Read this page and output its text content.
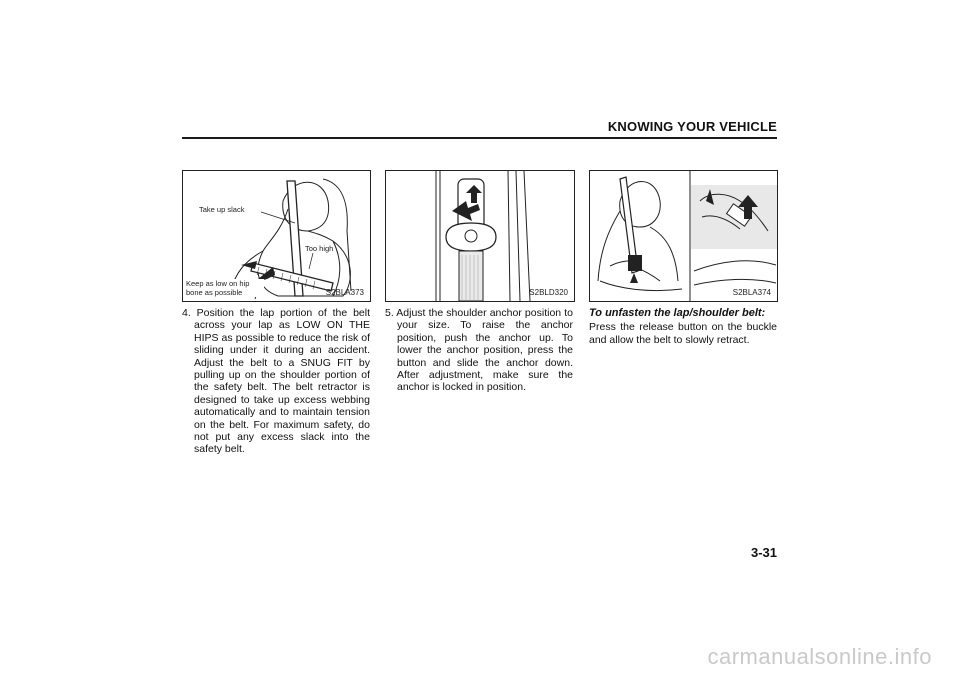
KNOWING YOUR VEHICLE
Take up slack
Too high
Keep as low on hip bone as possible	S2BLA373	S2BLD320	S2BLA374

4. Position the lap portion of the belt across your lap as LOW ON THE HIPS as possible to reduce the risk of sliding under it during an accident. Adjust the belt to a SNUG FIT by pulling up on the shoulder portion of the safety belt. The belt retractor is designed to take up excess webbing automatically and to maintain tension on the belt. For maximum safety, do not put any excess slack into the safety belt.

5. Adjust the shoulder anchor position to your size. To raise the anchor position, push the anchor up. To lower the anchor position, press the button and slide the anchor down. After adjustment, make sure the anchor is locked in position.

To unfasten the lap/shoulder belt:

Press the release button on the buckle and allow the belt to slowly retract.

3-31
carmanualsonline.info
